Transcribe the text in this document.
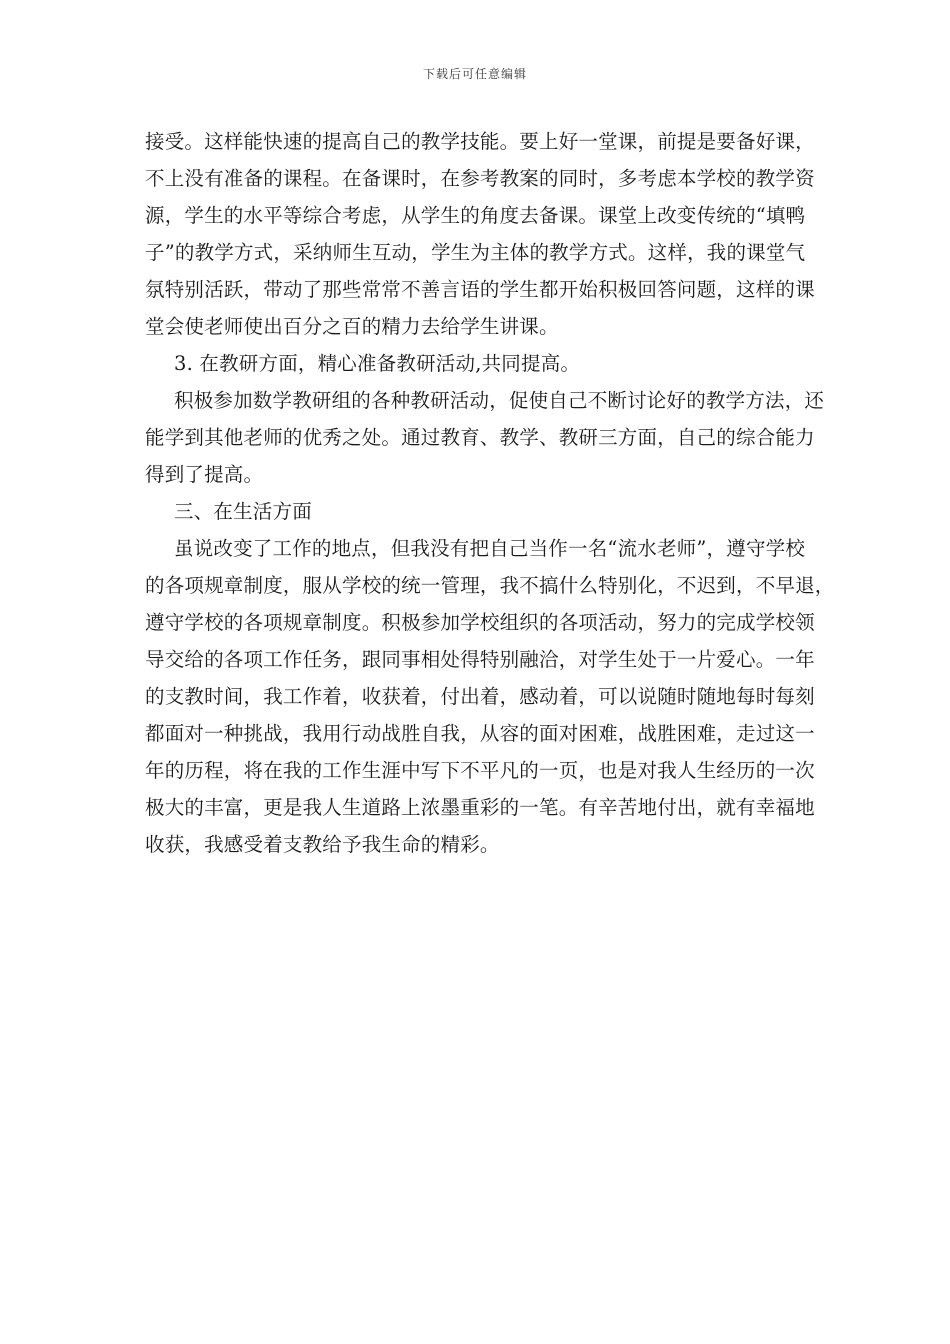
下载后可任意编辑
接受。这样能快速的提高自己的教学技能。要上好一堂课，前提是要备好课，
不上没有准备的课程。在备课时，在参考教案的同时，多考虑本学校的教学资
源，学生的水平等综合考虑，从学生的角度去备课。课堂上改变传统的“填鸭
子”的教学方式，采纳师生互动，学生为主体的教学方式。这样，我的课堂气
氛特别活跃，带动了那些常常不善言语的学生都开始积极回答问题，这样的课
堂会使老师使出百分之百的精力去给学生讲课。
3. 在教研方面，精心准备教研活动,共同提高。
积极参加数学教研组的各种教研活动，促使自己不断讨论好的教学方法，还
能学到其他老师的优秀之处。通过教育、教学、教研三方面，自己的综合能力
得到了提高。
三、在生活方面
虽说改变了工作的地点，但我没有把自己当作一名“流水老师”，遵守学校
的各项规章制度，服从学校的统一管理，我不搞什么特别化，不迟到，不早退，
遵守学校的各项规章制度。积极参加学校组织的各项活动，努力的完成学校领
导交给的各项工作任务，跟同事相处得特别融洽，对学生处于一片爱心。一年
的支教时间，我工作着，收获着，付出着，感动着，可以说随时随地每时每刻
都面对一种挑战，我用行动战胜自我，从容的面对困难，战胜困难，走过这一
年的历程，将在我的工作生涯中写下不平凡的一页，也是对我人生经历的一次
极大的丰富，更是我人生道路上浓墨重彩的一笔。有辛苦地付出，就有幸福地
收获，我感受着支教给予我生命的精彩。
